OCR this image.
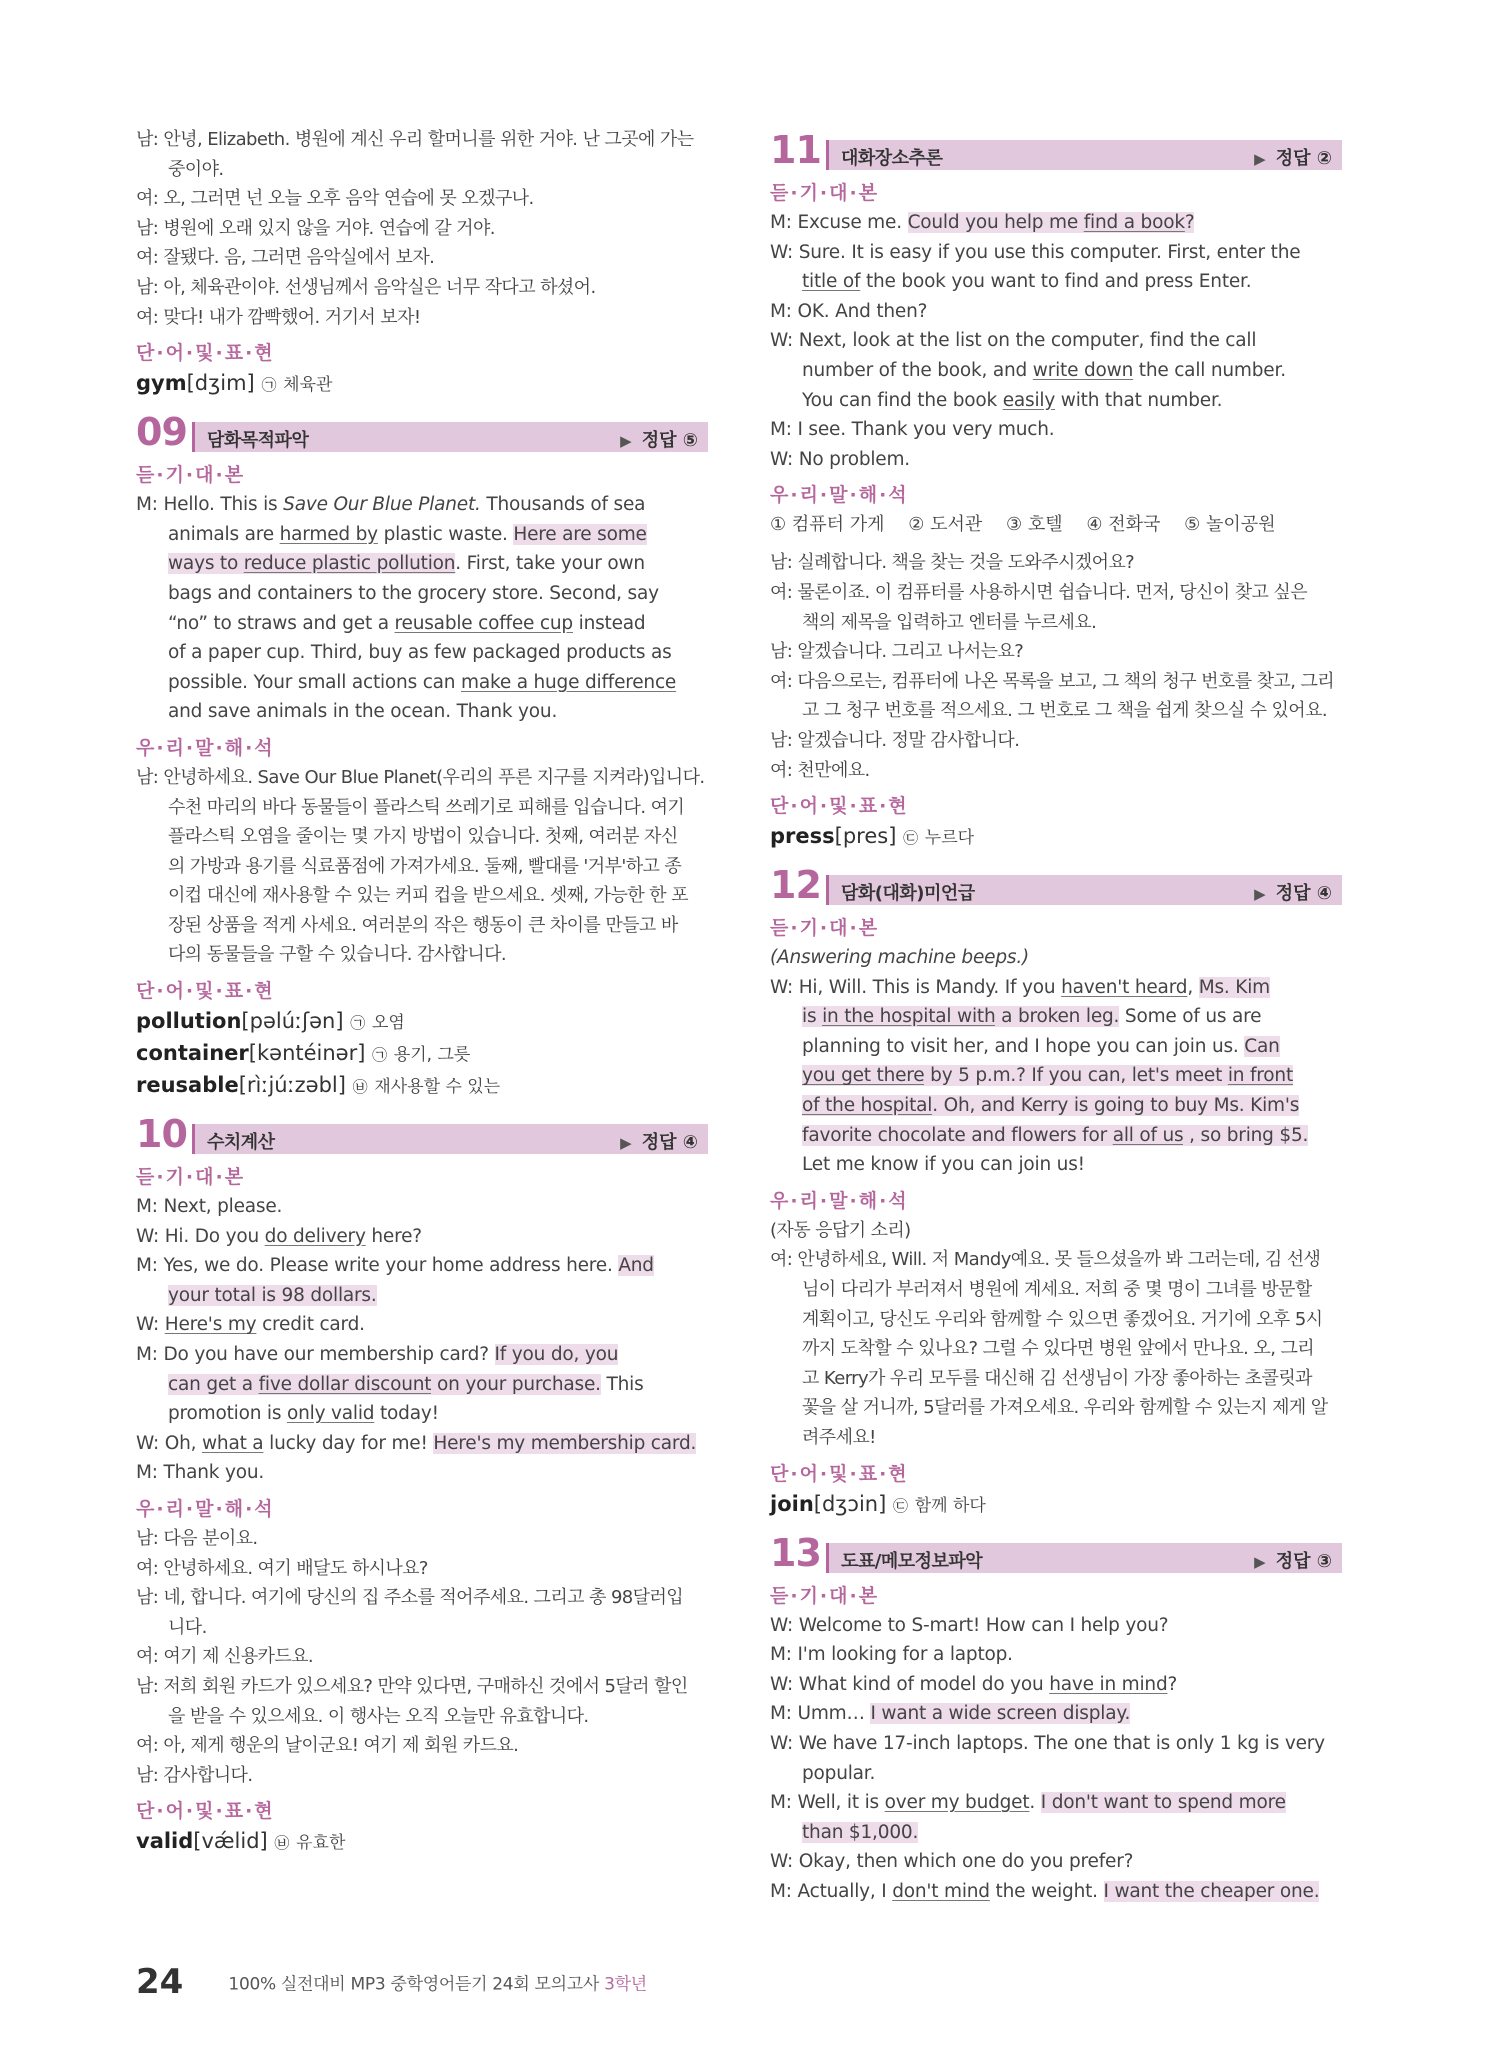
남: 안녕, Elizabeth. 병원에 계신 우리 할머니를 위한 거야. 난 그곳에 가는
중이야.
여: 오, 그러면 넌 오늘 오후 음악 연습에 못 오겠구나.
남: 병원에 오래 있지 않을 거야. 연습에 갈 거야.
여: 잘됐다. 음, 그러면 음악실에서 보자.
남: 아, 체육관이야. 선생님께서 음악실은 너무 작다고 하셨어.
여: 맞다! 내가 깜빡했어. 거기서 보자!
단·어·및·표·현
gym[dʒim] ㉠ 체육관
09 담화목적파악	▶ 정답 ⑤
듣·기·대·본
M: Hello. This is Save Our Blue Planet. Thousands of sea
animals are harmed by plastic waste. Here are some
ways to reduce plastic pollution. First, take your own
bags and containers to the grocery store. Second, say
“no” to straws and get a reusable coffee cup instead
of a paper cup. Third, buy as few packaged products as
possible. Your small actions can make a huge difference
and save animals in the ocean. Thank you.
우·리·말·해·석
남: 안녕하세요. Save Our Blue Planet(우리의 푸른 지구를 지켜라)입니다.
수천 마리의 바다 동물들이 플라스틱 쓰레기로 피해를 입습니다. 여기
플라스틱 오염을 줄이는 몇 가지 방법이 있습니다. 첫째, 여러분 자신
의 가방과 용기를 식료품점에 가져가세요. 둘째, 빨대를 '거부'하고 종
이컵 대신에 재사용할 수 있는 커피 컵을 받으세요. 셋째, 가능한 한 포
장된 상품을 적게 사세요. 여러분의 작은 행동이 큰 차이를 만들고 바
다의 동물들을 구할 수 있습니다. 감사합니다.
단·어·및·표·현
pollution[pəlúːʃən] ㉠ 오염
container[kəntéinər] ㉠ 용기, 그릇
reusable[rìːjúːzəbl] ㉥ 재사용할 수 있는
10 수치계산	▶ 정답 ④
듣·기·대·본
M: Next, please.
W: Hi. Do you do delivery here?
M: Yes, we do. Please write your home address here. And
your total is 98 dollars.
W: Here's my credit card.
M: Do you have our membership card? If you do, you
can get a five dollar discount on your purchase. This
promotion is only valid today!
W: Oh, what a lucky day for me! Here's my membership card.
M: Thank you.
우·리·말·해·석
남: 다음 분이요.
여: 안녕하세요. 여기 배달도 하시나요?
남: 네, 합니다. 여기에 당신의 집 주소를 적어주세요. 그리고 총 98달러입
니다.
여: 여기 제 신용카드요.
남: 저희 회원 카드가 있으세요? 만약 있다면, 구매하신 것에서 5달러 할인
을 받을 수 있으세요. 이 행사는 오직 오늘만 유효합니다.
여: 아, 제게 행운의 날이군요! 여기 제 회원 카드요.
남: 감사합니다.
단·어·및·표·현
valid[vǽlid] ㉥ 유효한
11 대화장소추론	▶ 정답 ②
듣·기·대·본
M: Excuse me. Could you help me find a book?
W: Sure. It is easy if you use this computer. First, enter the
title of the book you want to find and press Enter.
M: OK. And then?
W: Next, look at the list on the computer, find the call
number of the book, and write down the call number.
You can find the book easily with that number.
M: I see. Thank you very much.
W: No problem.
우·리·말·해·석
① 컴퓨터 가게 ② 도서관 ③ 호텔 ④ 전화국 ⑤ 놀이공원
남: 실례합니다. 책을 찾는 것을 도와주시겠어요?
여: 물론이죠. 이 컴퓨터를 사용하시면 쉽습니다. 먼저, 당신이 찾고 싶은
책의 제목을 입력하고 엔터를 누르세요.
남: 알겠습니다. 그리고 나서는요?
여: 다음으로는, 컴퓨터에 나온 목록을 보고, 그 책의 청구 번호를 찾고, 그리
고 그 청구 번호를 적으세요. 그 번호로 그 책을 쉽게 찾으실 수 있어요.
남: 알겠습니다. 정말 감사합니다.
여: 천만에요.
단·어·및·표·현
press[pres] ㉢ 누르다
12 담화(대화)미언급	▶ 정답 ④
듣·기·대·본
(Answering machine beeps.)
W: Hi, Will. This is Mandy. If you haven't heard, Ms. Kim
is in the hospital with a broken leg. Some of us are
planning to visit her, and I hope you can join us. Can
you get there by 5 p.m.? If you can, let's meet in front
of the hospital. Oh, and Kerry is going to buy Ms. Kim's
favorite chocolate and flowers for all of us , so bring $5.
Let me know if you can join us!
우·리·말·해·석
(자동 응답기 소리)
여: 안녕하세요, Will. 저 Mandy예요. 못 들으셨을까 봐 그러는데, 김 선생
님이 다리가 부러져서 병원에 계세요. 저희 중 몇 명이 그녀를 방문할
계획이고, 당신도 우리와 함께할 수 있으면 좋겠어요. 거기에 오후 5시
까지 도착할 수 있나요? 그럴 수 있다면 병원 앞에서 만나요. 오, 그리
고 Kerry가 우리 모두를 대신해 김 선생님이 가장 좋아하는 초콜릿과
꽃을 살 거니까, 5달러를 가져오세요. 우리와 함께할 수 있는지 제게 알
려주세요!
단·어·및·표·현
join[dʒɔin] ㉢ 함께 하다
13 도표/메모정보파악	▶ 정답 ③
듣·기·대·본
W: Welcome to S-mart! How can I help you?
M: I'm looking for a laptop.
W: What kind of model do you have in mind?
M: Umm… I want a wide screen display.
W: We have 17-inch laptops. The one that is only 1 kg is very
popular.
M: Well, it is over my budget. I don't want to spend more
than $1,000.
W: Okay, then which one do you prefer?
M: Actually, I don't mind the weight. I want the cheaper one.
24	100% 실전대비 MP3 중학영어듣기 24회 모의고사 3학년
